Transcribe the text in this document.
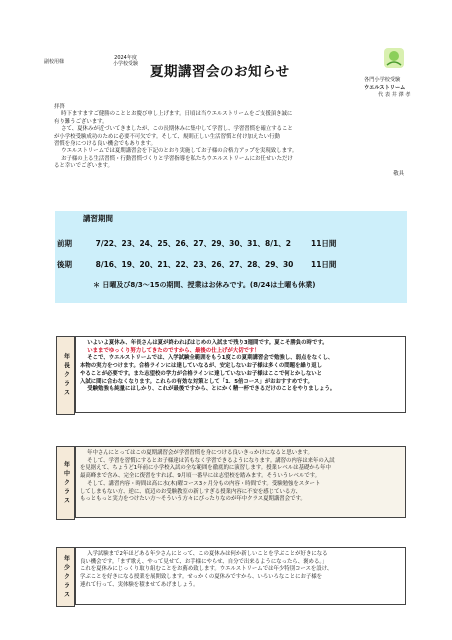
副校用様
2024年度
小学校受験 夏期講習会のお知らせ	各門小学校受験
ウエルストリーム
代 表 井 澤 孝

拝啓

　 時下ますますご健勝のこととお慶び申し上げます。日頃は当ウエルストリームをご支援頂き誠に

有り難うございます。

　 さて、夏休みが近づいてきましたが、この長期休みに集中して学習し、学習習慣を確立すること

が小学校受験成功のために必要不可欠です。そして、規則正しい生活習慣と付け加えたい行動

習慣を身につける良い機会でもあります。

　 ウエルストリームでは夏期講習会を下記のとおり実施してお子様の合格力アップを実現致します。

　 お子様の上る生活習慣・行動習慣づくりと学習指導を私たちウエルストリームにお任せいただけ

ると幸いでございます。

敬具

講習期間
前期	7/22、23、24、25、26、27、29、30、31、8/1、2	11日間
後期	8/16、19、20、21、22、23、26、27、28、29、30 11日間
＊ 日曜及び8/3～15の期間、授業はお休みです。(8/24は土曜も休業)
年長クラス

　 いよいよ夏休み、年長さんは夏が終わればはじめの入試まで残り3週間です。夏こそ勝負の時です。

　 いままでゆっくり努力してきたのですから、最後の仕上げが大切です！

　 そこで、ウエルストリームでは、入学試験全範囲をもう1度この夏期講習会で勉強し、弱点をなくし、

本物の実力をつけます。合格ラインには達していなるが、安定しないお子様は多くの問題を繰り返し

やることが必要です。また志望校の学力が合格ラインに達していないお子様はここで何とかしないと

入試に間に合わなくなります。これらの有効な対策として「1．5倍コース」がおおすすめです。

　 受験勉強も純量にはしかり、これが最後ですから、とにかく精一杯できるだけのことをやりましょう。

年中クラス

　 年中さんにとってはこの夏期講習会が学習習慣を身につける良いきっかけになると思います。

　 そして、学習を習慣にするとお子様達は苦もなく学習できるようになります。講習の内容は来年の入試

を見据えて、ちょうど1年前に小学校入試の全な範囲を徹底的に演習します。授業レベルは基礎から年中

最高峰まで含み、完全に復習をすれば、9月頃一番早には志望校を踏みます。そういうレベルです。

　 そして、講習内容・時間は高に水(木)曜コース3ヶ月分もの内容・時間です。受験勉強をスタート

してしまもない方、逆に、底辺のお受験教室の新しすぎる授業内容に不安を感じている方、

もっともっと実力をつけたい方～そういう方々にぴったりなのが年中クラス夏期講習会です。

年少クラス

　 入学試験まで2年ほどある年少さんにとって、この夏休みは何か新しいことを学ぶことが好きになる

良い機会です。「まず歌え、やって見せて、お手様にやらせ、自分で出来るようになったら、褒める。」

これを夏休みにじっくり取り組むことをお薦め致します。ウエルストリームでは年少特別コースを設け、

学ぶことを好きになる授業を展開致します。せっかくの夏休みですから、いろいろなことにお子様を

連れて行って、実体験を積ませてあげましょう。
